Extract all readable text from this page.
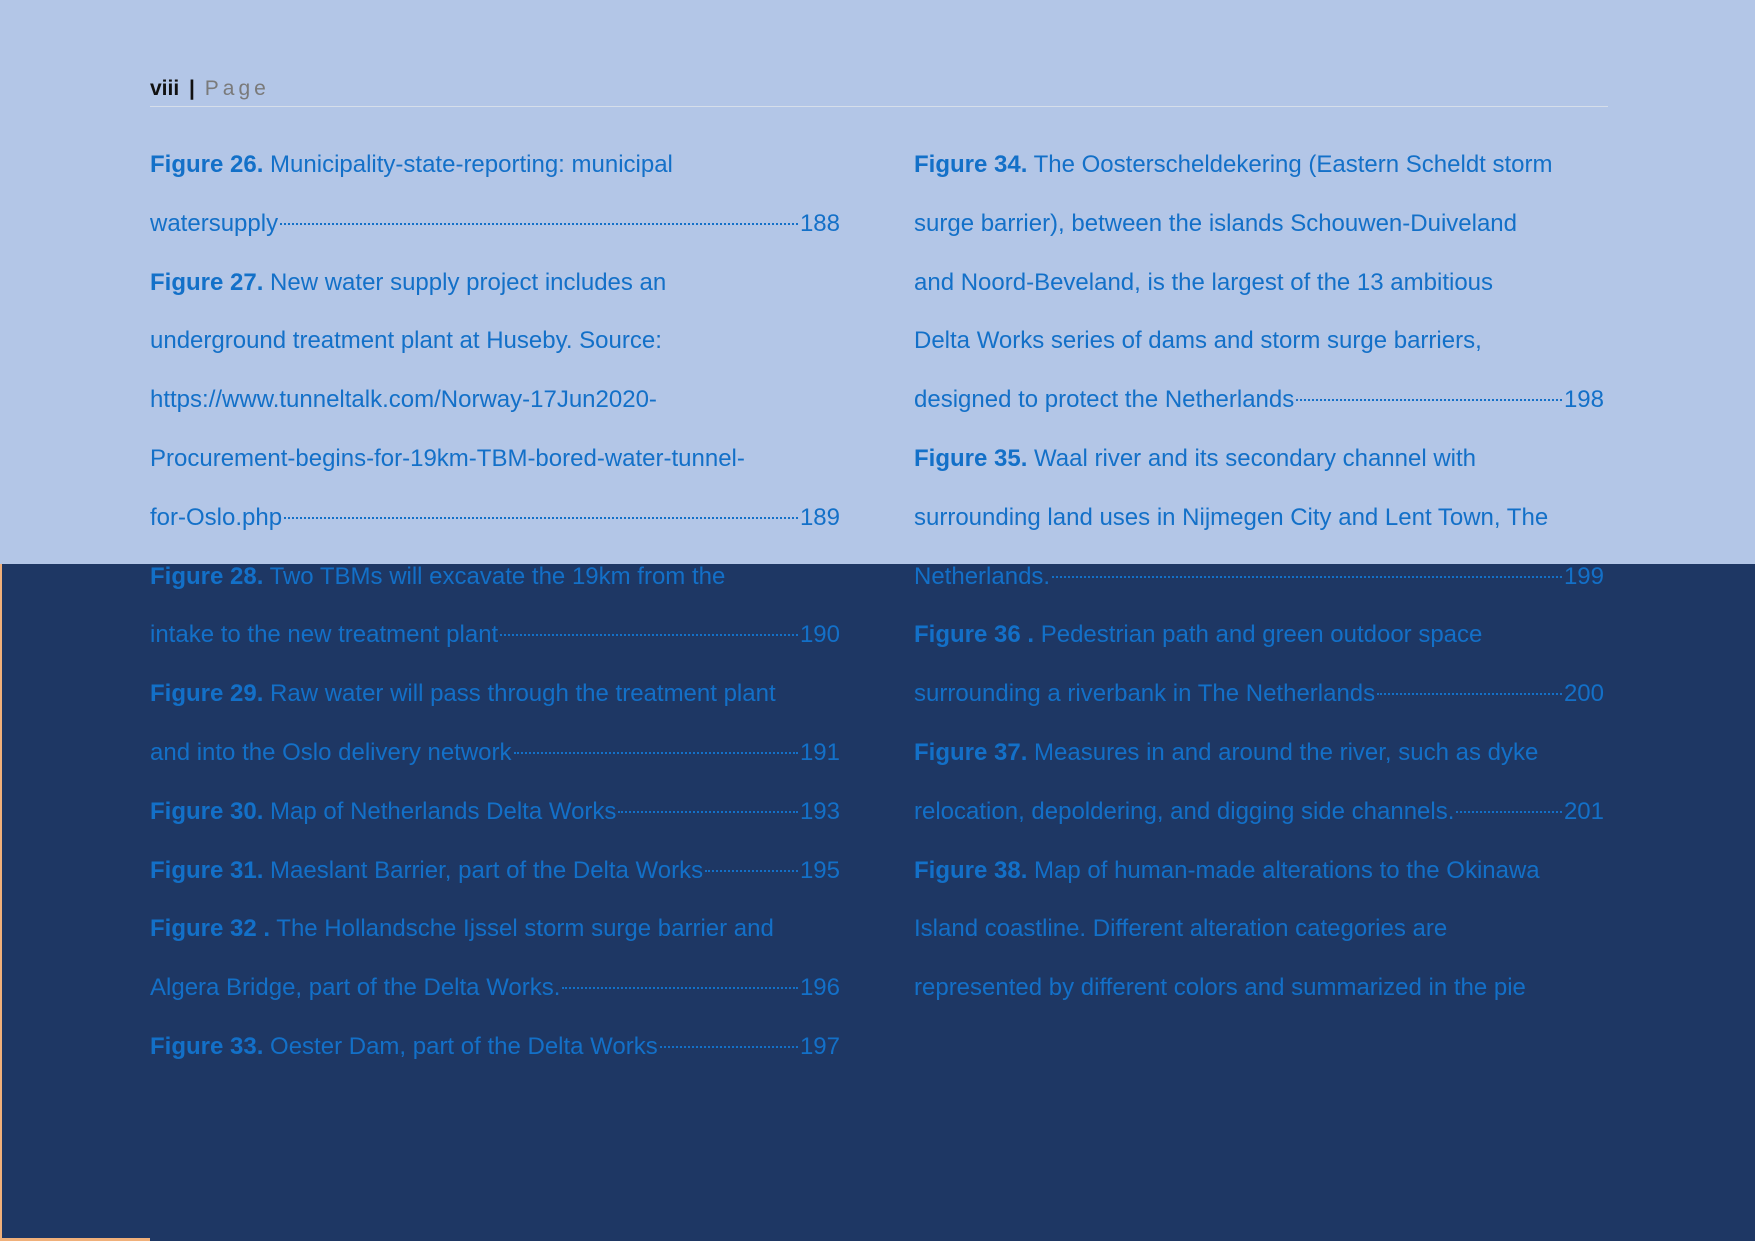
viii | Page
Figure 26. Municipality-state-reporting: municipal
watersupply	188
Figure 27. New water supply project includes an
underground treatment plant at Huseby. Source:
https://www.tunneltalk.com/Norway-17Jun2020-
Procurement-begins-for-19km-TBM-bored-water-tunnel-
for-Oslo.php	189
Figure 28. Two TBMs will excavate the 19km from the
intake to the new treatment plant	190
Figure 29. Raw water will pass through the treatment plant
and into the Oslo delivery network	191
Figure 30. Map of Netherlands Delta Works	193
Figure 31. Maeslant Barrier, part of the Delta Works	195
Figure 32 . The Hollandsche Ijssel storm surge barrier and
Algera Bridge, part of the Delta Works.	196
Figure 33. Oester Dam, part of the Delta Works	197
Figure 34. The Oosterscheldekering (Eastern Scheldt storm
surge barrier), between the islands Schouwen-Duiveland
and Noord-Beveland, is the largest of the 13 ambitious
Delta Works series of dams and storm surge barriers,
designed to protect the Netherlands	198
Figure 35. Waal river and its secondary channel with
surrounding land uses in Nijmegen City and Lent Town, The
Netherlands.	199
Figure 36 . Pedestrian path and green outdoor space
surrounding a riverbank in The Netherlands	200
Figure 37. Measures in and around the river, such as dyke
relocation, depoldering, and digging side channels.	201
Figure 38. Map of human-made alterations to the Okinawa
Island coastline. Different alteration categories are
represented by different colors and summarized in the pie
